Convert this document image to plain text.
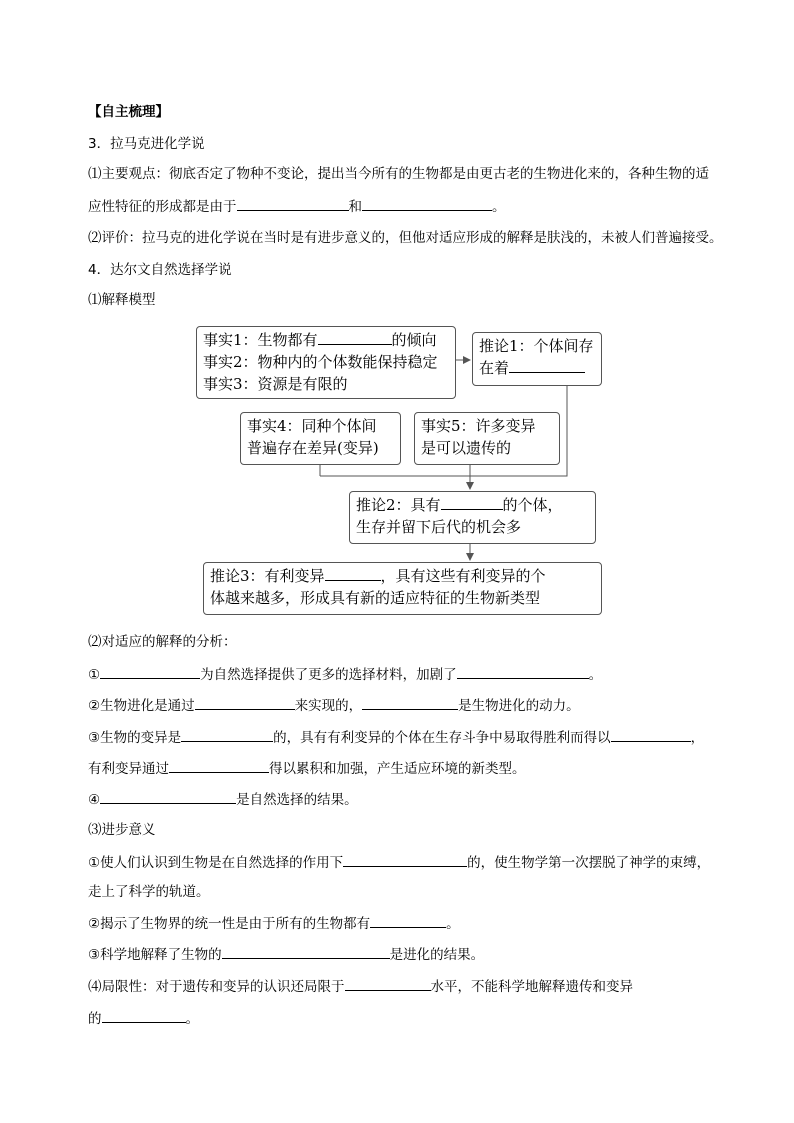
【自主梳理】
3．拉马克进化学说
⑴主要观点：彻底否定了物种不变论，提出当今所有的生物都是由更古老的生物进化来的，各种生物的适
应性特征的形成都是由于	和	。
⑵评价：拉马克的进化学说在当时是有进步意义的，但他对适应形成的解释是肤浅的，未被人们普遍接受。
4．达尔文自然选择学说
⑴解释模型
事实1：生物都有	的倾向
事实2：物种内的个体数能保持稳定
事实3：资源是有限的
推论1：个体间存
在着
事实4：同种个体间
普遍存在差异(变异)
事实5：许多变异
是可以遗传的
推论2：具有	的个体，
生存并留下后代的机会多
推论3：有利变异	，具有这些有利变异的个
体越来越多，形成具有新的适应特征的生物新类型
⑵对适应的解释的分析：
①	为自然选择提供了更多的选择材料，加剧了	。
②生物进化是通过	来实现的，	是生物进化的动力。
③生物的变异是	的，具有有利变异的个体在生存斗争中易取得胜利而得以	，
有利变异通过	得以累积和加强，产生适应环境的新类型。
④	是自然选择的结果。
⑶进步意义
①使人们认识到生物是在自然选择的作用下	的，使生物学第一次摆脱了神学的束缚，
走上了科学的轨道。
②揭示了生物界的统一性是由于所有的生物都有	。
③科学地解释了生物的	是进化的结果。
⑷局限性：对于遗传和变异的认识还局限于	水平，不能科学地解释遗传和变异
的	。
